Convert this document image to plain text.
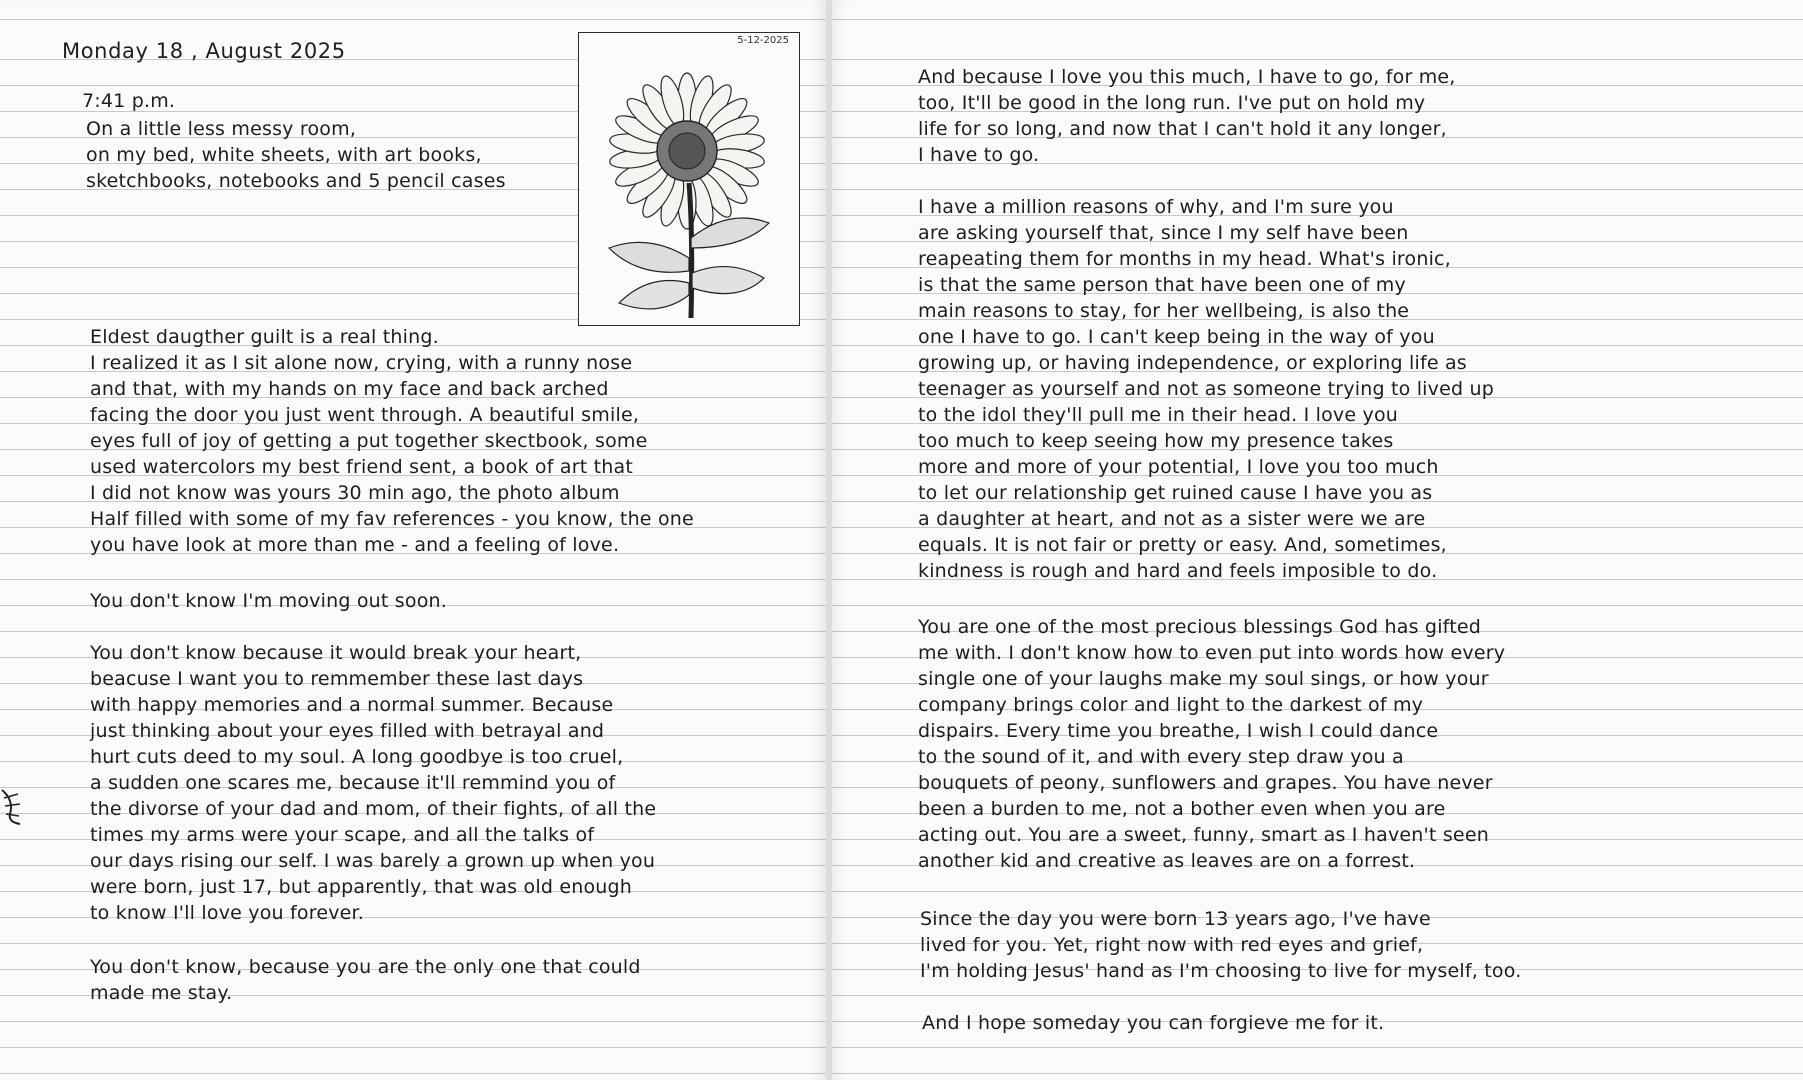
Monday 18 , August 2025
7:41 p.m.
On a little less messy room,
on my bed, white sheets, with art books,
sketchbooks, notebooks and 5 pencil cases
5-12-2025
Eldest daugther guilt is a real thing.
I realized it as I sit alone now, crying, with a runny nose
and that, with my hands on my face and back arched
facing the door you just went through. A beautiful smile,
eyes full of joy of getting a put together skectbook, some
used watercolors my best friend sent, a book of art that
I did not know was yours 30 min ago, the photo album
Half filled with some of my fav references - you know, the one
you have look at more than me - and a feeling of love.
You don't know I'm moving out soon.
You don't know because it would break your heart,
beacuse I want you to remmember these last days
with happy memories and a normal summer. Because
just thinking about your eyes filled with betrayal and
hurt cuts deed to my soul. A long goodbye is too cruel,
a sudden one scares me, because it'll remmind you of
the divorse of your dad and mom, of their fights, of all the
times my arms were your scape, and all the talks of
our days rising our self. I was barely a grown up when you
were born, just 17, but apparently, that was old enough
to know I'll love you forever.
You don't know, because you are the only one that could
made me stay.
And because I love you this much, I have to go, for me,
too, It'll be good in the long run. I've put on hold my
life for so long, and now that I can't hold it any longer,
I have to go.
I have a million reasons of why, and I'm sure you
are asking yourself that, since I my self have been
reapeating them for months in my head. What's ironic,
is that the same person that have been one of my
main reasons to stay, for her wellbeing, is also the
one I have to go. I can't keep being in the way of you
growing up, or having independence, or exploring life as
teenager as yourself and not as someone trying to lived up
to the idol they'll pull me in their head. I love you
too much to keep seeing how my presence takes
more and more of your potential, I love you too much
to let our relationship get ruined cause I have you as
a daughter at heart, and not as a sister were we are
equals. It is not fair or pretty or easy. And, sometimes,
kindness is rough and hard and feels imposible to do.
You are one of the most precious blessings God has gifted
me with. I don't know how to even put into words how every
single one of your laughs make my soul sings, or how your
company brings color and light to the darkest of my
dispairs. Every time you breathe, I wish I could dance
to the sound of it, and with every step draw you a
bouquets of peony, sunflowers and grapes. You have never
been a burden to me, not a bother even when you are
acting out. You are a sweet, funny, smart as I haven't seen
another kid and creative as leaves are on a forrest.
Since the day you were born 13 years ago, I've have
lived for you. Yet, right now with red eyes and grief,
I'm holding Jesus' hand as I'm choosing to live for myself, too.
And I hope someday you can forgieve me for it.
